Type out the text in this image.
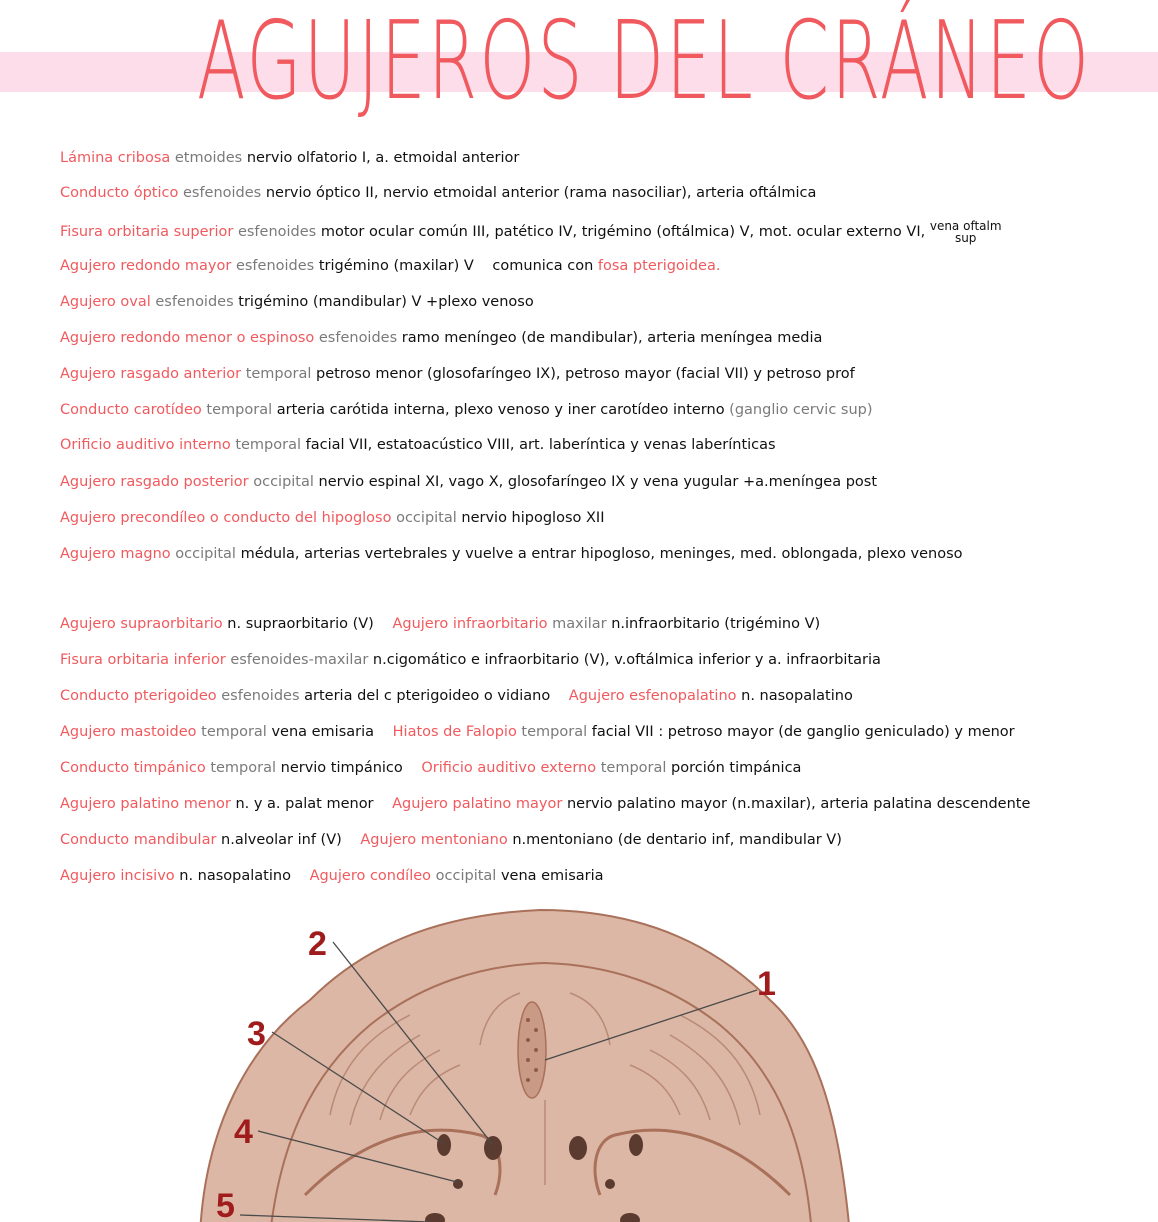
AGUJEROS DEL CRÁNEO
Lámina cribosa etmoides nervio olfatorio I, a. etmoidal anterior
Conducto óptico esfenoides nervio óptico II, nervio etmoidal anterior (rama nasociliar), arteria oftálmica
Fisura orbitaria superior esfenoides motor ocular común III, patético IV, trigémino (oftálmica) V, mot. ocular externo VI, vena oftalm
sup
Agujero redondo mayor esfenoides trigémino (maxilar) V comunica con fosa pterigoidea.
Agujero oval esfenoides trigémino (mandibular) V +plexo venoso
Agujero redondo menor o espinoso esfenoides ramo meníngeo (de mandibular), arteria meníngea media
Agujero rasgado anterior temporal petroso menor (glosofaríngeo IX), petroso mayor (facial VII) y petroso prof
Conducto carotídeo temporal arteria carótida interna, plexo venoso y iner carotídeo interno (ganglio cervic sup)
Orificio auditivo interno temporal facial VII, estatoacústico VIII, art. laberíntica y venas laberínticas
Agujero rasgado posterior occipital nervio espinal XI, vago X, glosofaríngeo IX y vena yugular +a.meníngea post
Agujero precondíleo o conducto del hipogloso occipital nervio hipogloso XII
Agujero magno occipital médula, arterias vertebrales y vuelve a entrar hipogloso, meninges, med. oblongada, plexo venoso
Agujero supraorbitario n. supraorbitario (V) Agujero infraorbitario maxilar n.infraorbitario (trigémino V)
Fisura orbitaria inferior esfenoides-maxilar n.cigomático e infraorbitario (V), v.oftálmica inferior y a. infraorbitaria
Conducto pterigoideo esfenoides arteria del c pterigoideo o vidiano Agujero esfenopalatino n. nasopalatino
Agujero mastoideo temporal vena emisaria Hiatos de Falopio temporal facial VII : petroso mayor (de ganglio geniculado) y menor
Conducto timpánico temporal nervio timpánico Orificio auditivo externo temporal porción timpánica
Agujero palatino menor n. y a. palat menor Agujero palatino mayor nervio palatino mayor (n.maxilar), arteria palatina descendente
Conducto mandibular n.alveolar inf (V) Agujero mentoniano n.mentoniano (de dentario inf, mandibular V)
Agujero incisivo n. nasopalatino Agujero condíleo occipital vena emisaria
1
2
3
4
5
